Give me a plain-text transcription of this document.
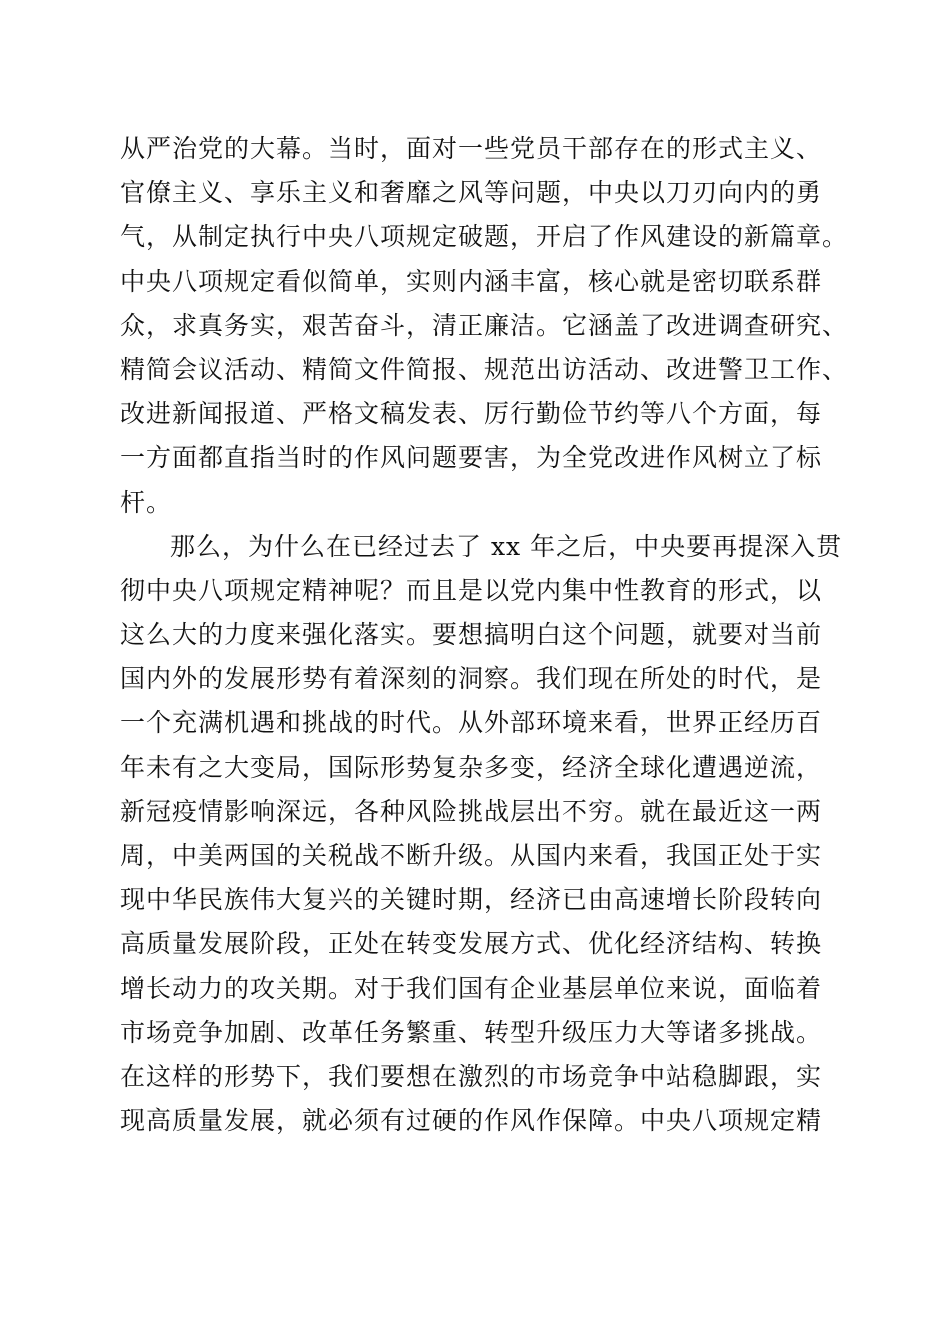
从严治党的大幕。当时，面对一些党员干部存在的形式主义、
官僚主义、享乐主义和奢靡之风等问题，中央以刀刃向内的勇
气，从制定执行中央八项规定破题，开启了作风建设的新篇章。
中央八项规定看似简单，实则内涵丰富，核心就是密切联系群
众，求真务实，艰苦奋斗，清正廉洁。它涵盖了改进调查研究、
精简会议活动、精简文件简报、规范出访活动、改进警卫工作、
改进新闻报道、严格文稿发表、厉行勤俭节约等八个方面，每
一方面都直指当时的作风问题要害，为全党改进作风树立了标
杆。
那么，为什么在已经过去了 xx 年之后，中央要再提深入贯
彻中央八项规定精神呢？而且是以党内集中性教育的形式，以
这么大的力度来强化落实。要想搞明白这个问题，就要对当前
国内外的发展形势有着深刻的洞察。我们现在所处的时代，是
一个充满机遇和挑战的时代。从外部环境来看，世界正经历百
年未有之大变局，国际形势复杂多变，经济全球化遭遇逆流，
新冠疫情影响深远，各种风险挑战层出不穷。就在最近这一两
周，中美两国的关税战不断升级。从国内来看，我国正处于实
现中华民族伟大复兴的关键时期，经济已由高速增长阶段转向
高质量发展阶段，正处在转变发展方式、优化经济结构、转换
增长动力的攻关期。对于我们国有企业基层单位来说，面临着
市场竞争加剧、改革任务繁重、转型升级压力大等诸多挑战。
在这样的形势下，我们要想在激烈的市场竞争中站稳脚跟，实
现高质量发展，就必须有过硬的作风作保障。中央八项规定精
